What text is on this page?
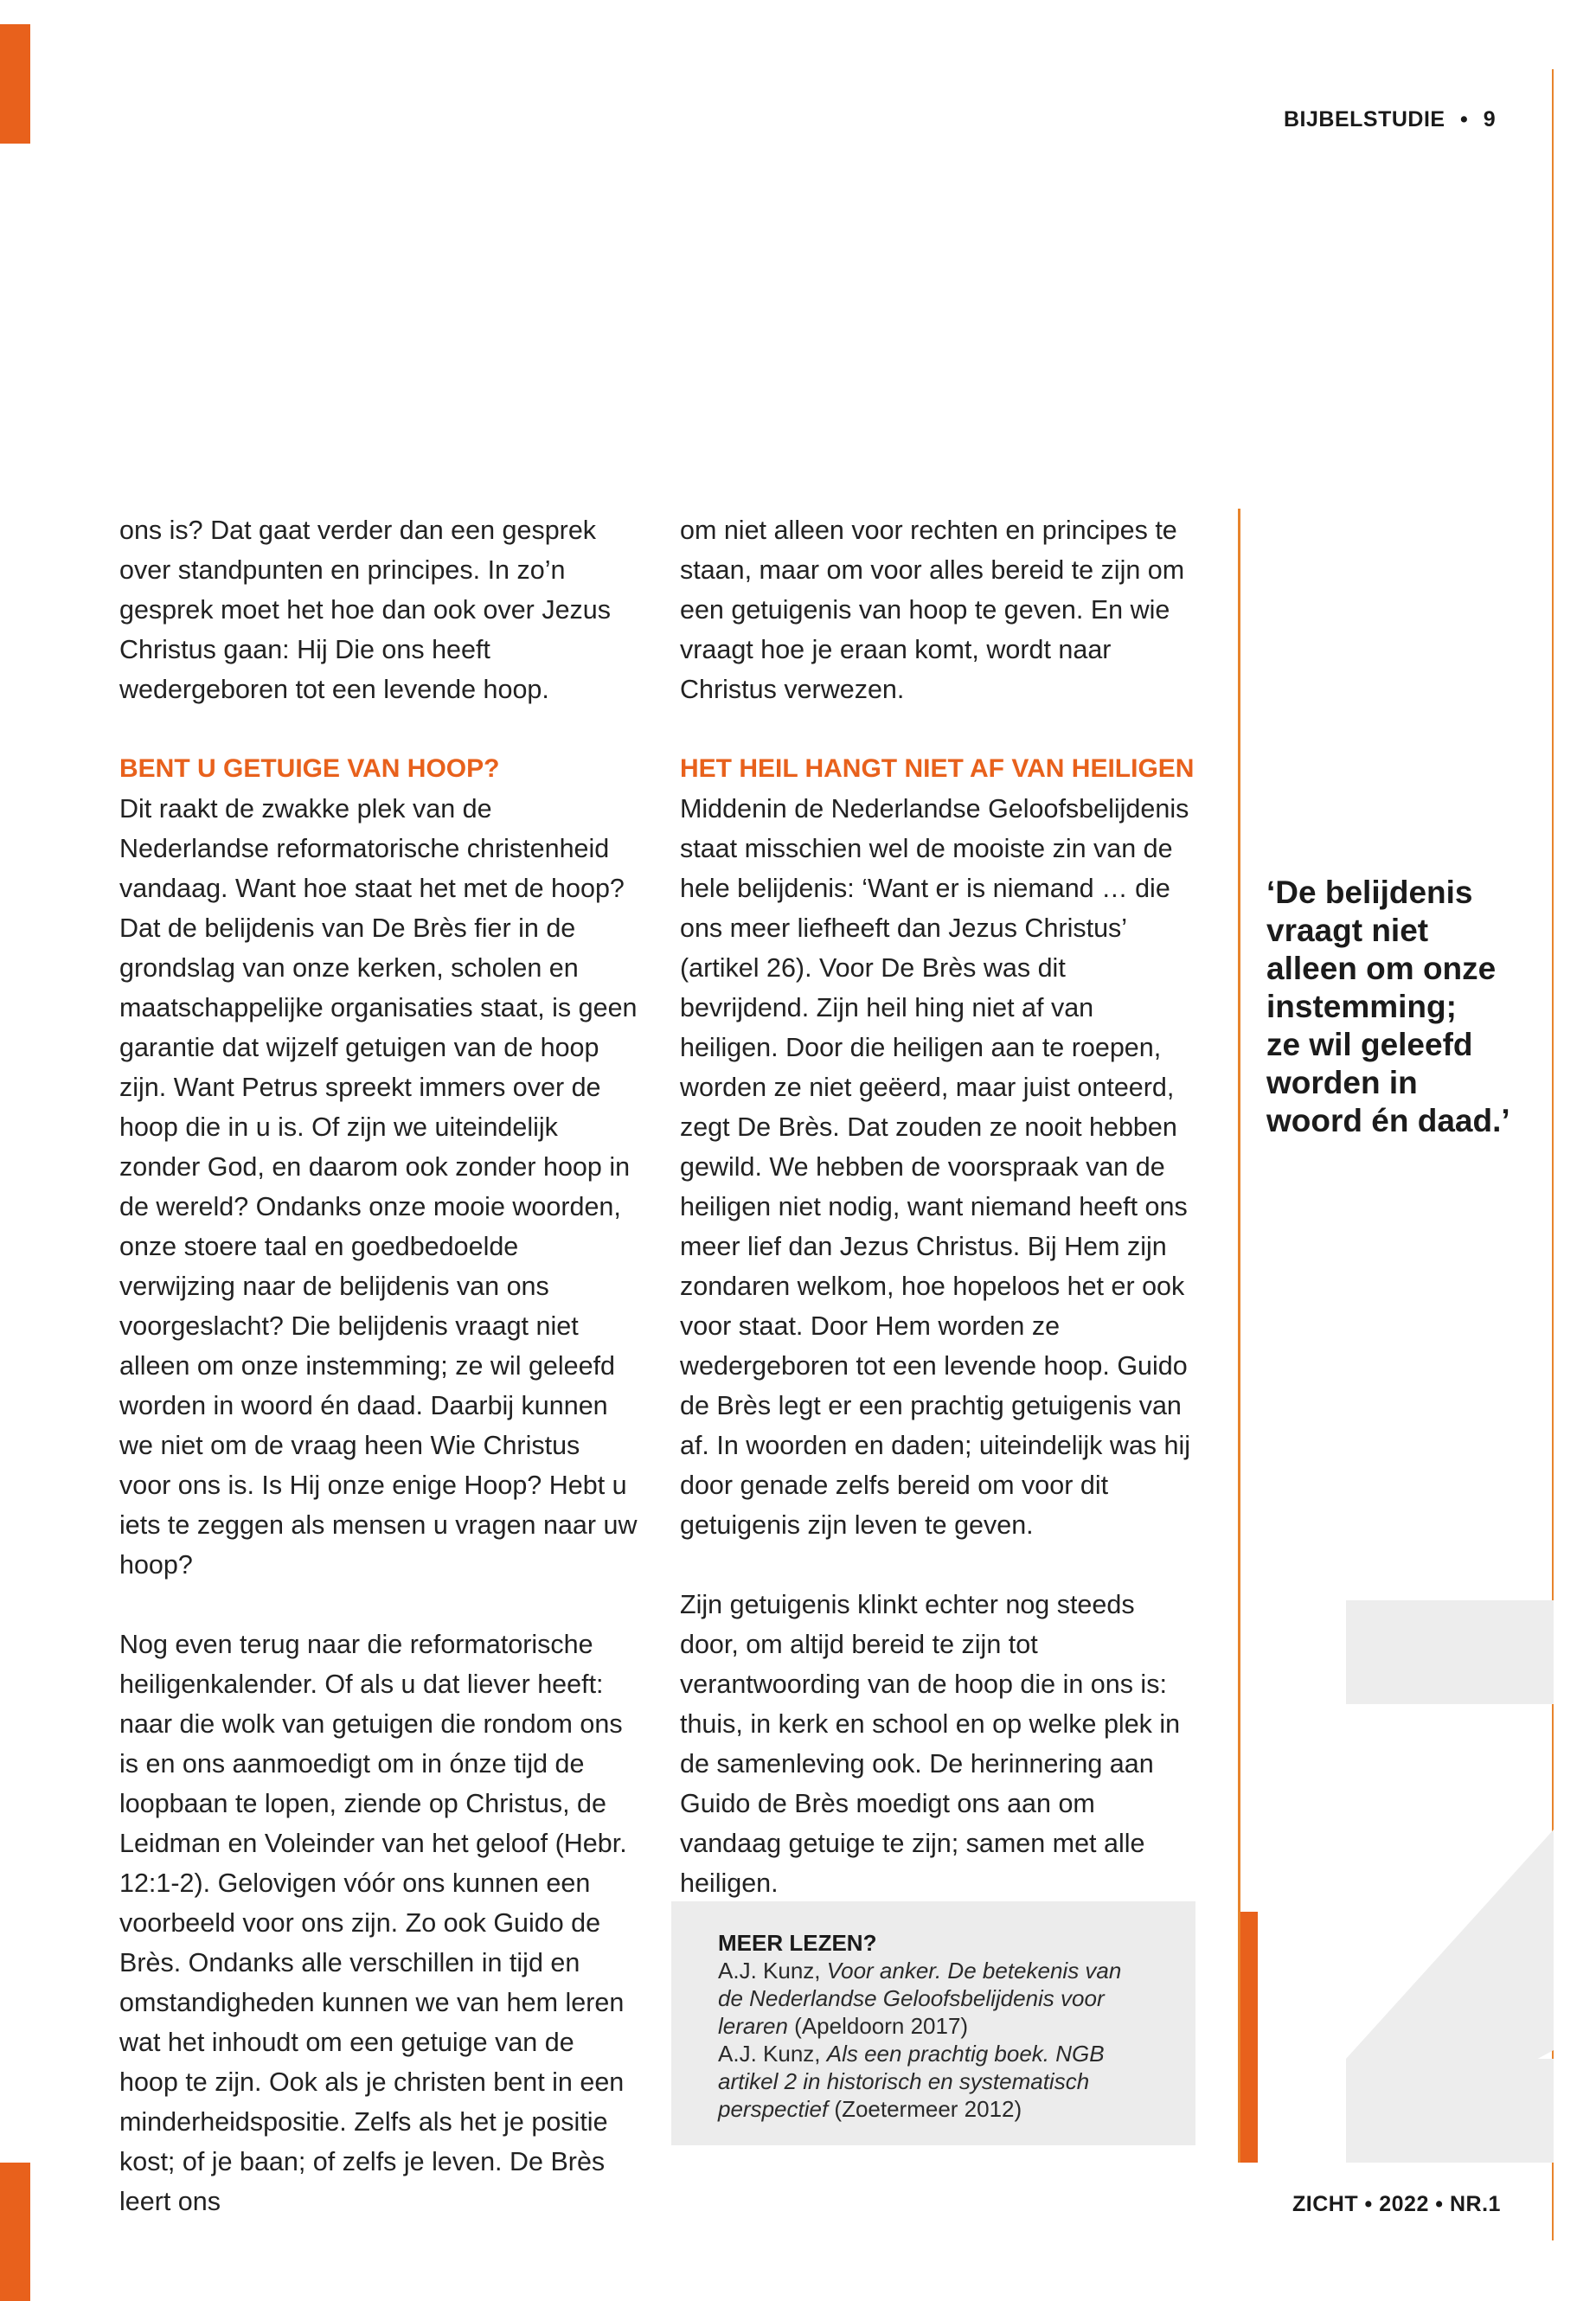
BIJBELSTUDIE • 9

ons is? Dat gaat verder dan een gesprek over standpunten en principes. In zo’n gesprek moet het hoe dan ook over Jezus Christus gaan: Hij Die ons heeft wedergeboren tot een levende hoop.

BENT U GETUIGE VAN HOOP?

Dit raakt de zwakke plek van de Nederlandse reformatorische christenheid vandaag. Want hoe staat het met de hoop? Dat de belijdenis van De Brès fier in de grondslag van onze kerken, scholen en maatschappelijke organisaties staat, is geen garantie dat wijzelf getuigen van de hoop zijn. Want Petrus spreekt immers over de hoop die in u is. Of zijn we uiteindelijk zonder God, en daarom ook zonder hoop in de wereld? Ondanks onze mooie woorden, onze stoere taal en goedbedoelde verwijzing naar de belijdenis van ons voorgeslacht? Die belijdenis vraagt niet alleen om onze instemming; ze wil geleefd worden in woord én daad. Daarbij kunnen we niet om de vraag heen Wie Christus voor ons is. Is Hij onze enige Hoop? Hebt u iets te zeggen als mensen u vragen naar uw hoop?

Nog even terug naar die reformatorische heiligenkalender. Of als u dat liever heeft: naar die wolk van getuigen die rondom ons is en ons aanmoedigt om in ónze tijd de loopbaan te lopen, ziende op Christus, de Leidman en Voleinder van het geloof (Hebr. 12:1-2). Gelovigen vóór ons kunnen een voorbeeld voor ons zijn. Zo ook Guido de Brès. Ondanks alle verschillen in tijd en omstandigheden kunnen we van hem leren wat het inhoudt om een getuige van de hoop te zijn. Ook als je christen bent in een minderheidspositie. Zelfs als het je positie kost; of je baan; of zelfs je leven. De Brès leert ons

om niet alleen voor rechten en principes te staan, maar om voor alles bereid te zijn om een getuigenis van hoop te geven. En wie vraagt hoe je eraan komt, wordt naar Christus verwezen.

HET HEIL HANGT NIET AF VAN HEILIGEN

Middenin de Nederlandse Geloofsbelijdenis staat misschien wel de mooiste zin van de hele belijdenis: ‘Want er is niemand … die ons meer liefheeft dan Jezus Christus’ (artikel 26). Voor De Brès was dit bevrijdend. Zijn heil hing niet af van heiligen. Door die heiligen aan te roepen, worden ze niet geëerd, maar juist onteerd, zegt De Brès. Dat zouden ze nooit hebben gewild. We hebben de voorspraak van de heiligen niet nodig, want niemand heeft ons meer lief dan Jezus Christus. Bij Hem zijn zondaren welkom, hoe hopeloos het er ook voor staat. Door Hem worden ze wedergeboren tot een levende hoop. Guido de Brès legt er een prachtig getuigenis van af. In woorden en daden; uiteindelijk was hij door genade zelfs bereid om voor dit getuigenis zijn leven te geven.

Zijn getuigenis klinkt echter nog steeds door, om altijd bereid te zijn tot verantwoording van de hoop die in ons is: thuis, in kerk en school en op welke plek in de samenleving ook. De herinnering aan Guido de Brès moedigt ons aan om vandaag getuige te zijn; samen met alle heiligen.

‘De belijdenis
vraagt niet
alleen om onze
instemming;
ze wil geleefd
worden in
woord én daad.’
MEER LEZEN?
A.J. Kunz, Voor anker. De betekenis van
de Nederlandse Geloofsbelijdenis voor
leraren (Apeldoorn 2017)
A.J. Kunz, Als een prachtig boek. NGB
artikel 2 in historisch en systematisch
perspectief (Zoetermeer 2012)
ZICHT • 2022 • NR.1
